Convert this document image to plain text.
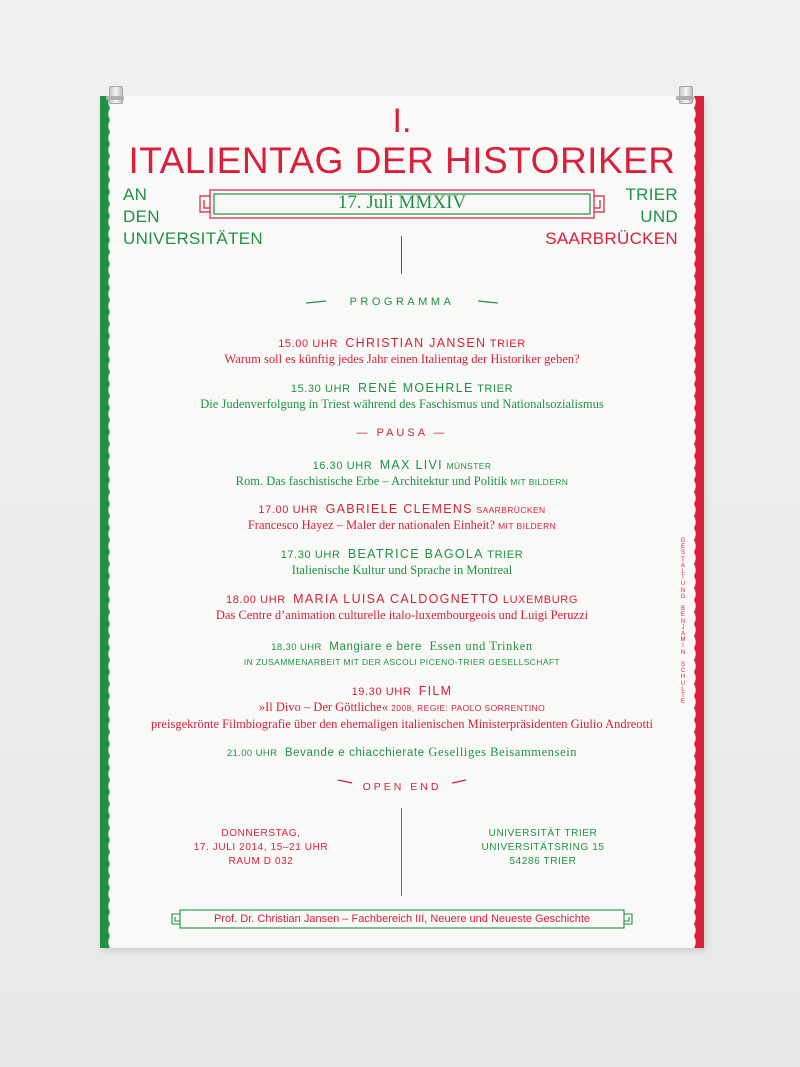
I.
ITALIENTAG DER HISTORIKER
AN
DEN
UNIVERSITÄTEN
TRIER
UND
SAARBRÜCKEN
17. Juli MMXIV
PROGRAMMA
15.00 UHR CHRISTIAN JANSEN TRIER
Warum soll es künftig jedes Jahr einen Italientag der Historiker geben?
15.30 UHR RENÉ MOEHRLE TRIER
Die Judenverfolgung in Triest während des Faschismus und Nationalsozialismus
— PAUSA —
16.30 UHR MAX LIVI MÜNSTER
Rom. Das faschistische Erbe – Architektur und Politik MIT BILDERN
17.00 UHR GABRIELE CLEMENS SAARBRÜCKEN
Francesco Hayez – Maler der nationalen Einheit? MIT BILDERN
17.30 UHR BEATRICE BAGOLA TRIER
Italienische Kultur und Sprache in Montreal
18.00 UHR MARIA LUISA CALDOGNETTO LUXEMBURG
Das Centre d’animation culturelle italo-luxembourgeois und Luigi Peruzzi
18.30 UHR Mangiare e bere Essen und Trinken
IN ZUSAMMENARBEIT MIT DER ASCOLI PICENO-TRIER GESELLSCHAFT
19.30 UHR FILM
»Il Divo – Der Göttliche« 2008, REGIE: PAOLO SORRENTINO
preisgekrönte Filmbiografie über den ehemaligen italienischen Ministerpräsidenten Giulio Andreotti
21.00 UHR Bevande e chiacchierate Geselliges Beisammensein
OPEN END
DONNERSTAG,
17. JULI 2014, 15–21 UHR
RAUM D 032
UNIVERSITÄT TRIER
UNIVERSITÄTSRING 15
54286 TRIER
Prof. Dr. Christian Jansen – Fachbereich III, Neuere und Neueste Geschichte
G
E
S
T
A
L
T
U
N
G
·
B
E
N
J
A
M
I
N

S
C
H
U
L
T
E
